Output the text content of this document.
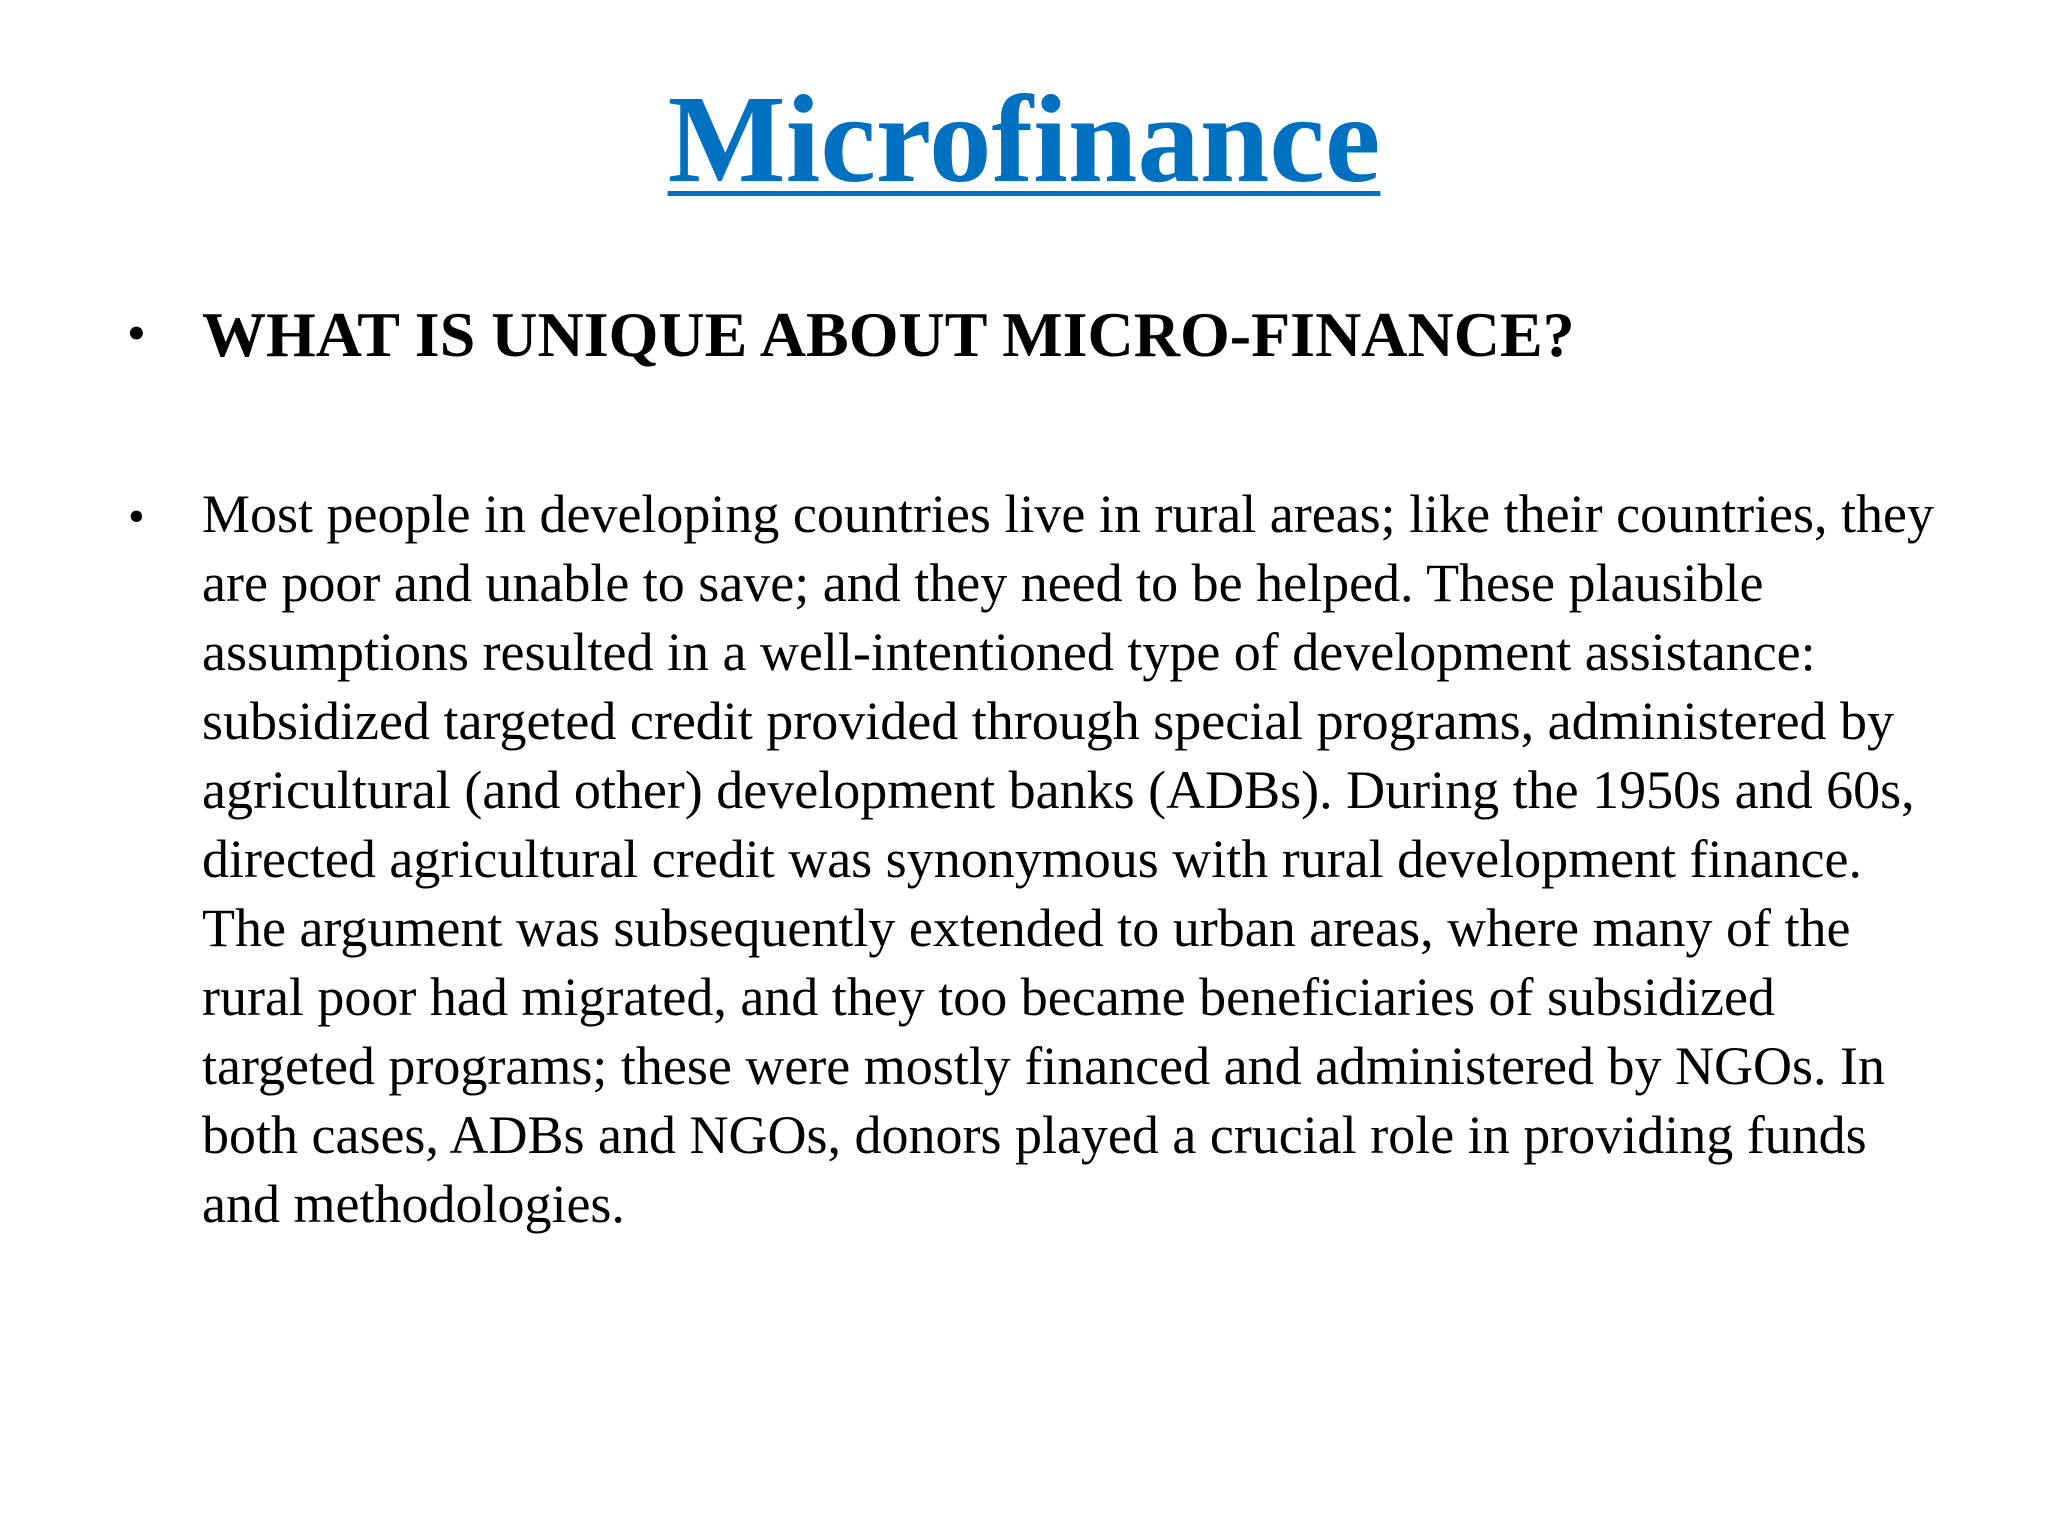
Microfinance
• WHAT IS UNIQUE ABOUT MICRO-FINANCE?
• Most people in developing countries live in rural areas; like their countries, they are poor and unable to save; and they need to be helped. These plausible assumptions resulted in a well-intentioned type of development assistance: subsidized targeted credit provided through special programs, administered by agricultural (and other) development banks (ADBs). During the 1950s and 60s, directed agricultural credit was synonymous with rural development finance. The argument was subsequently extended to urban areas, where many of the rural poor had migrated, and they too became beneficiaries of subsidized targeted programs; these were mostly financed and administered by NGOs. In both cases, ADBs and NGOs, donors played a crucial role in providing funds and methodologies.
